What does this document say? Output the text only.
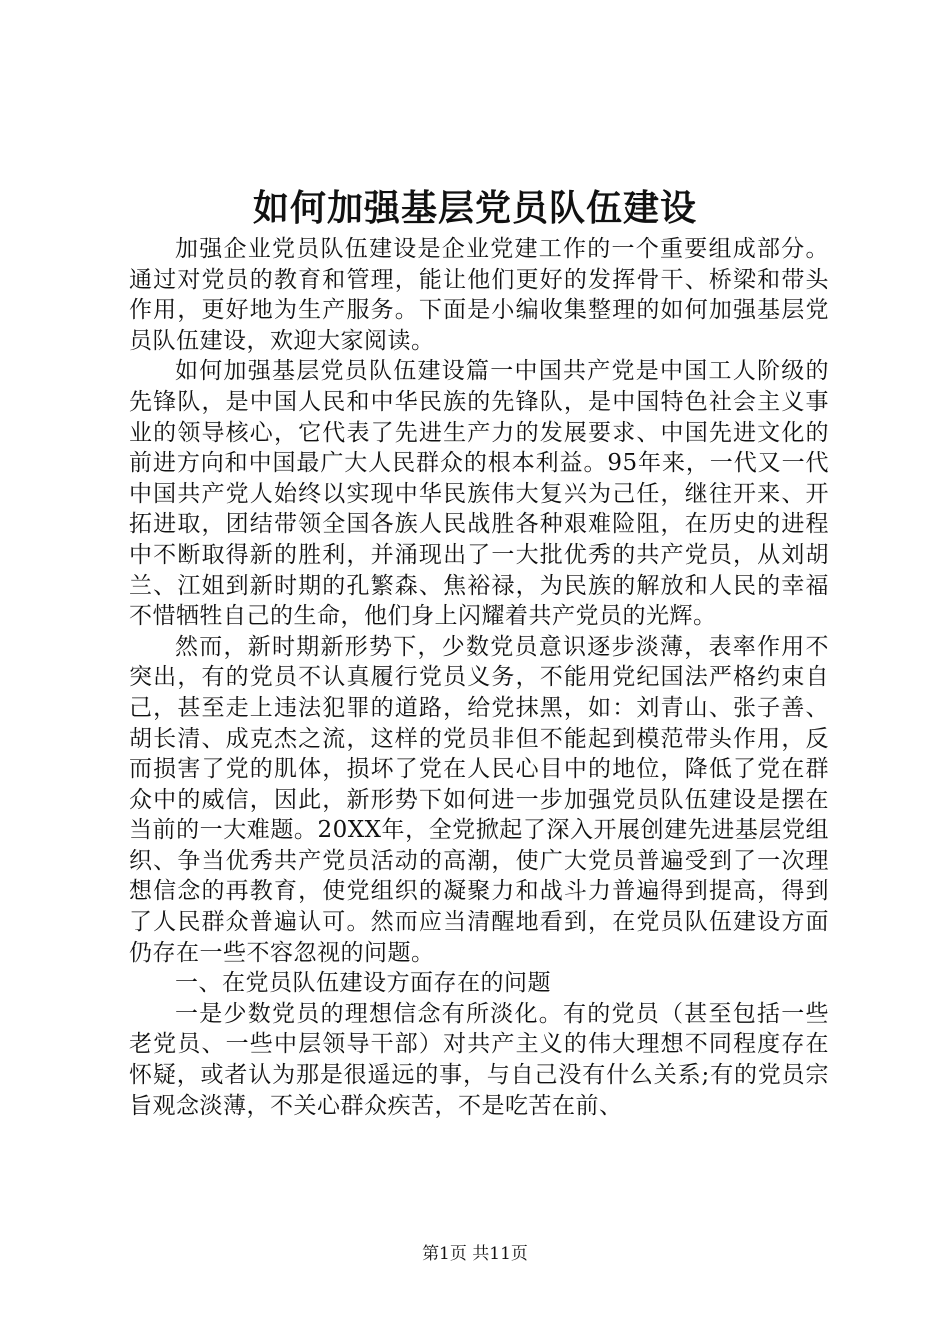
如何加强基层党员队伍建设

加强企业党员队伍建设是企业党建工作的一个重要组成部分。通过对党员的教育和管理，能让他们更好的发挥骨干、桥梁和带头作用，更好地为生产服务。下面是小编收集整理的如何加强基层党员队伍建设，欢迎大家阅读。

如何加强基层党员队伍建设篇一中国共产党是中国工人阶级的先锋队，是中国人民和中华民族的先锋队，是中国特色社会主义事业的领导核心，它代表了先进生产力的发展要求、中国先进文化的前进方向和中国最广大人民群众的根本利益。95年来，一代又一代中国共产党人始终以实现中华民族伟大复兴为己任，继往开来、开拓进取，团结带领全国各族人民战胜各种艰难险阻，在历史的进程中不断取得新的胜利，并涌现出了一大批优秀的共产党员，从刘胡兰、江姐到新时期的孔繁森、焦裕禄，为民族的解放和人民的幸福不惜牺牲自己的生命，他们身上闪耀着共产党员的光辉。

然而，新时期新形势下，少数党员意识逐步淡薄，表率作用不突出，有的党员不认真履行党员义务，不能用党纪国法严格约束自己，甚至走上违法犯罪的道路，给党抹黑，如：刘青山、张子善、胡长清、成克杰之流，这样的党员非但不能起到模范带头作用，反而损害了党的肌体，损坏了党在人民心目中的地位，降低了党在群众中的威信，因此，新形势下如何进一步加强党员队伍建设是摆在当前的一大难题。20XX年，全党掀起了深入开展创建先进基层党组织、争当优秀共产党员活动的高潮，使广大党员普遍受到了一次理想信念的再教育，使党组织的凝聚力和战斗力普遍得到提高，得到了人民群众普遍认可。然而应当清醒地看到，在党员队伍建设方面仍存在一些不容忽视的问题。

一、在党员队伍建设方面存在的问题

一是少数党员的理想信念有所淡化。有的党员（甚至包括一些老党员、一些中层领导干部）对共产主义的伟大理想不同程度存在怀疑，或者认为那是很遥远的事，与自己没有什么关系;有的党员宗旨观念淡薄，不关心群众疾苦，不是吃苦在前、

第1页 共11页
